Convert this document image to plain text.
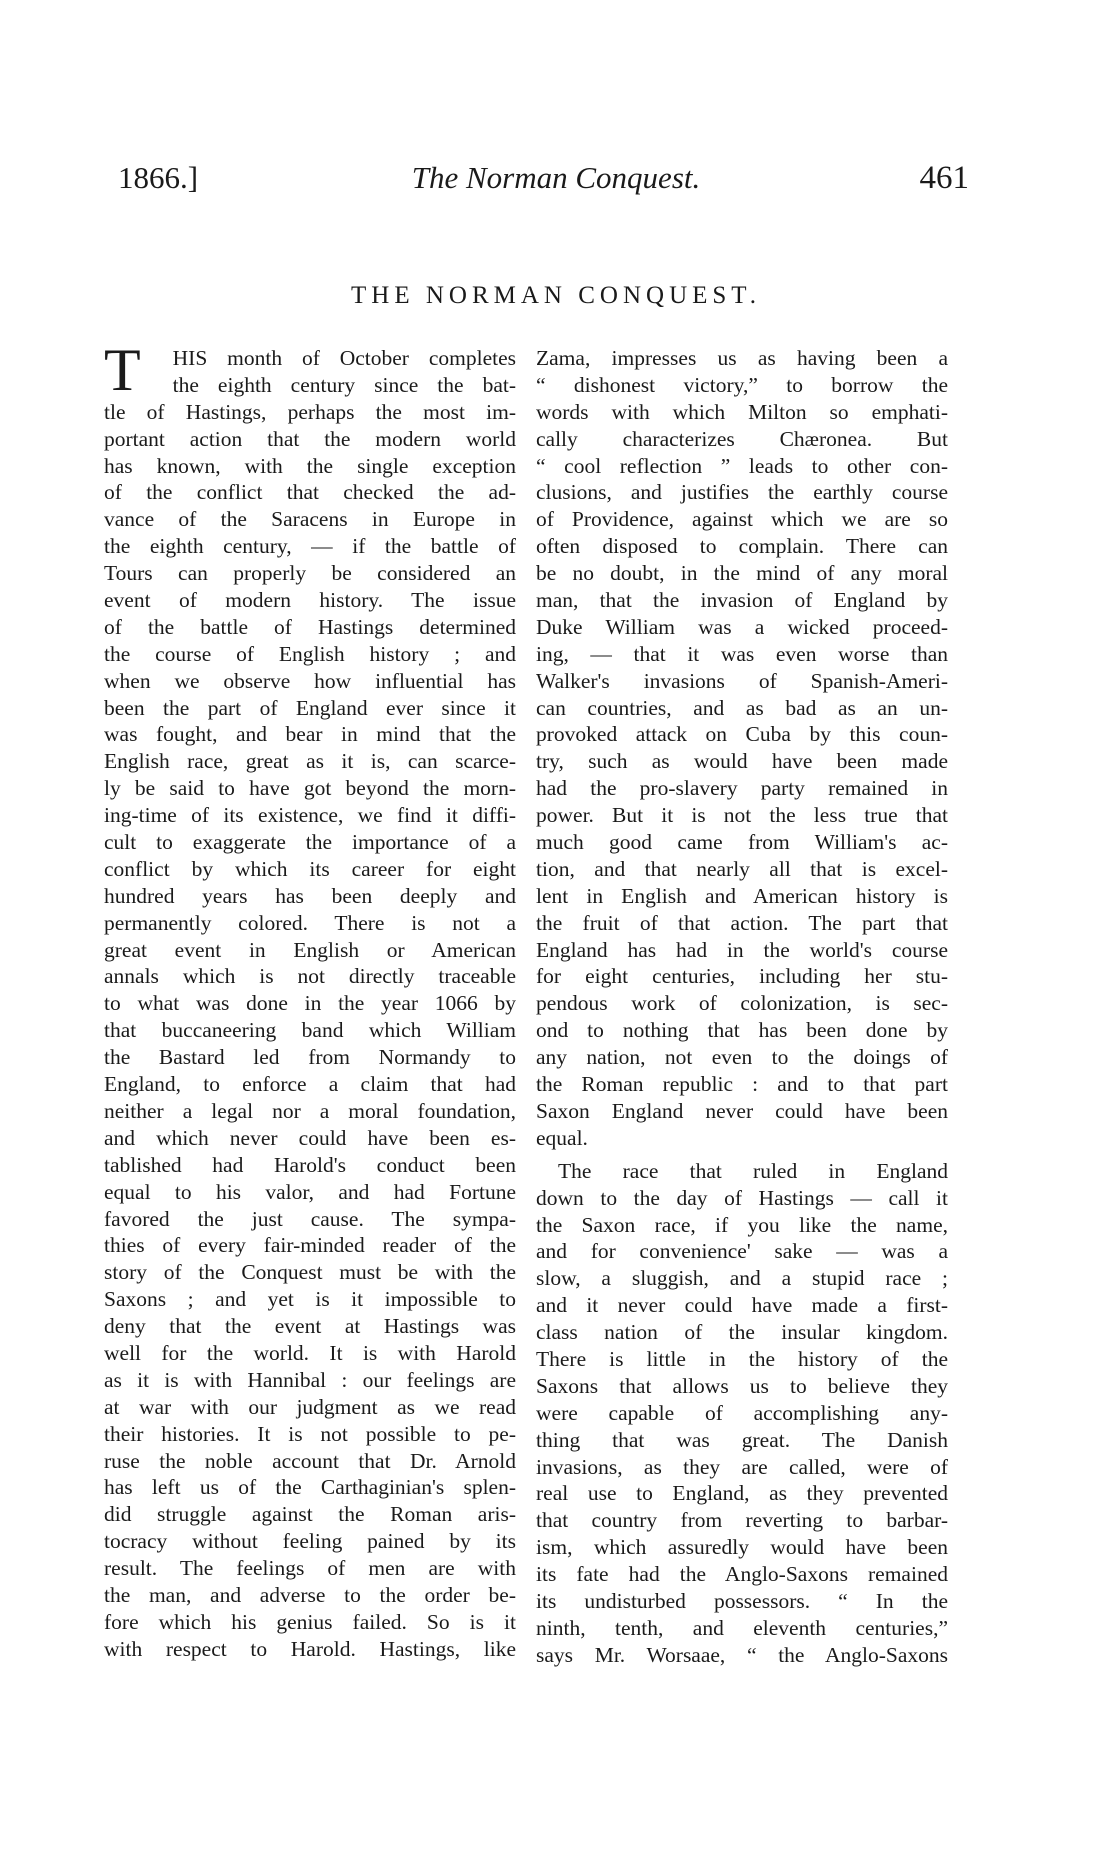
1866.]	The Norman Conquest.	461
THE NORMAN CONQUEST.
T	HIS month of October completes
the eighth century since the bat-
tle of Hastings, perhaps the most im-
portant action that the modern world
has known, with the single exception
of the conflict that checked the ad-
vance of the Saracens in Europe in
the eighth century, — if the battle of
Tours can properly be considered an
event of modern history. The issue
of the battle of Hastings determined
the course of English history ; and
when we observe how influential has
been the part of England ever since it
was fought, and bear in mind that the
English race, great as it is, can scarce-
ly be said to have got beyond the morn-
ing-time of its existence, we find it diffi-
cult to exaggerate the importance of a
conflict by which its career for eight
hundred years has been deeply and
permanently colored. There is not a
great event in English or American
annals which is not directly traceable
to what was done in the year 1066 by
that buccaneering band which William
the Bastard led from Normandy to
England, to enforce a claim that had
neither a legal nor a moral foundation,
and which never could have been es-
tablished had Harold's conduct been
equal to his valor, and had Fortune
favored the just cause. The sympa-
thies of every fair-minded reader of the
story of the Conquest must be with the
Saxons ; and yet is it impossible to
deny that the event at Hastings was
well for the world. It is with Harold
as it is with Hannibal : our feelings are
at war with our judgment as we read
their histories. It is not possible to pe-
ruse the noble account that Dr. Arnold
has left us of the Carthaginian's splen-
did struggle against the Roman aris-
tocracy without feeling pained by its
result. The feelings of men are with
the man, and adverse to the order be-
fore which his genius failed. So is it
with respect to Harold. Hastings, like
Zama, impresses us as having been a
“ dishonest victory,” to borrow the
words with which Milton so emphati-
cally characterizes Chæronea. But
“ cool reflection ” leads to other con-
clusions, and justifies the earthly course
of Providence, against which we are so
often disposed to complain. There can
be no doubt, in the mind of any moral
man, that the invasion of England by
Duke William was a wicked proceed-
ing, — that it was even worse than
Walker's invasions of Spanish-Ameri-
can countries, and as bad as an un-
provoked attack on Cuba by this coun-
try, such as would have been made
had the pro-slavery party remained in
power. But it is not the less true that
much good came from William's ac-
tion, and that nearly all that is excel-
lent in English and American history is
the fruit of that action. The part that
England has had in the world's course
for eight centuries, including her stu-
pendous work of colonization, is sec-
ond to nothing that has been done by
any nation, not even to the doings of
the Roman republic : and to that part
Saxon England never could have been
equal.
The race that ruled in England
down to the day of Hastings — call it
the Saxon race, if you like the name,
and for convenience' sake — was a
slow, a sluggish, and a stupid race ;
and it never could have made a first-
class nation of the insular kingdom.
There is little in the history of the
Saxons that allows us to believe they
were capable of accomplishing any-
thing that was great. The Danish
invasions, as they are called, were of
real use to England, as they prevented
that country from reverting to barbar-
ism, which assuredly would have been
its fate had the Anglo-Saxons remained
its undisturbed possessors. “ In the
ninth, tenth, and eleventh centuries,”
says Mr. Worsaae, “ the Anglo-Saxons
